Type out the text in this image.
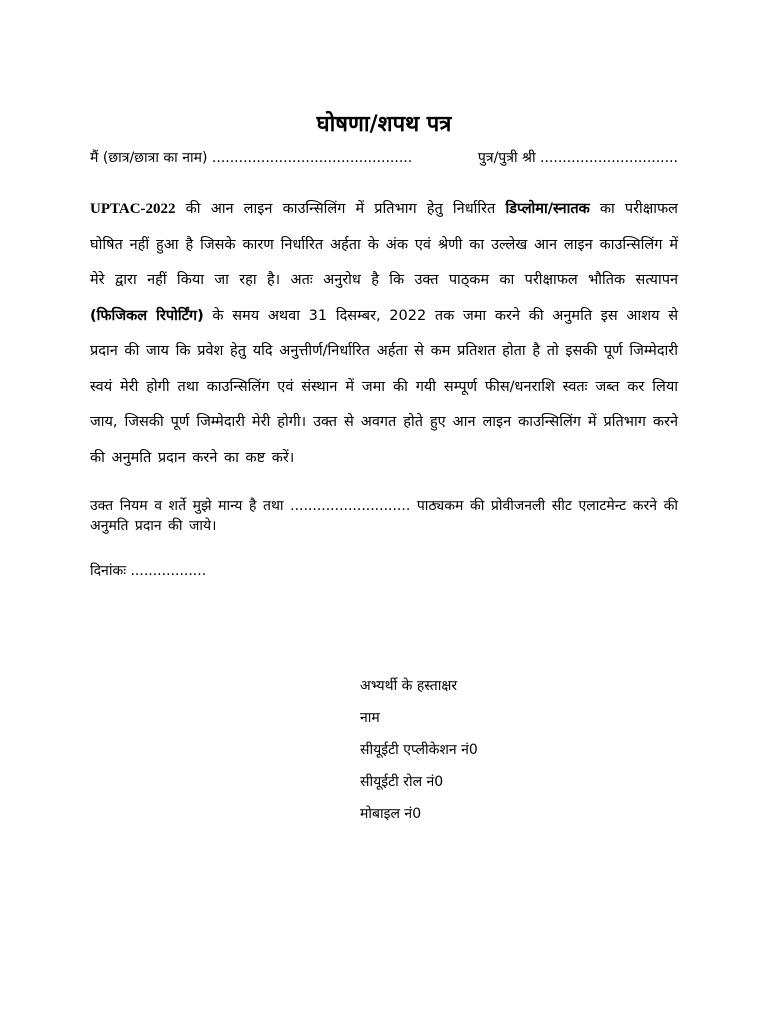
घोषणा/शपथ पत्र
मैं (छात्र/छात्रा का नाम) .............................................	पुत्र/पुत्री श्री ...............................
UPTAC-2022 की आन लाइन काउन्सिलिंग में प्रतिभाग हेतु निर्धारित डिप्लोमा/स्नातक का परीक्षाफल घोषित नहीं हुआ है जिसके कारण निर्धारित अर्हता के अंक एवं श्रेणी का उल्लेख आन लाइन काउन्सिलिंग में मेरे द्वारा नहीं किया जा रहा है। अतः अनुरोध है कि उक्त पाठ्कम का परीक्षाफल भौतिक सत्यापन (फिजिकल रिपोर्टिंग) के समय अथवा 31 दिसम्बर, 2022 तक जमा करने की अनुमति इस आशय से प्रदान की जाय कि प्रवेश हेतु यदि अनुत्तीर्ण/निर्धारित अर्हता से कम प्रतिशत होता है तो इसकी पूर्ण जिम्मेदारी स्वयं मेरी होगी तथा काउन्सिलिंग एवं संस्थान में जमा की गयी सम्पूर्ण फीस/धनराशि स्वतः जब्त कर लिया जाय, जिसकी पूर्ण जिम्मेदारी मेरी होगी। उक्त से अवगत होते हुए आन लाइन काउन्सिलिंग में प्रतिभाग करने की अनुमति प्रदान करने का कष्ट करें।
उक्त नियम व शर्ते मुझे मान्य है तथा ........................... पाठ्यकम की प्रोवीजनली सीट एलाटमेन्ट करने की अनुमति प्रदान की जाये।
दिनांकः .................
अभ्यर्थी के हस्ताक्षर
नाम
सीयूईटी एप्लीकेशन नं0
सीयूईटी रोल नं0
मोबाइल नं0
